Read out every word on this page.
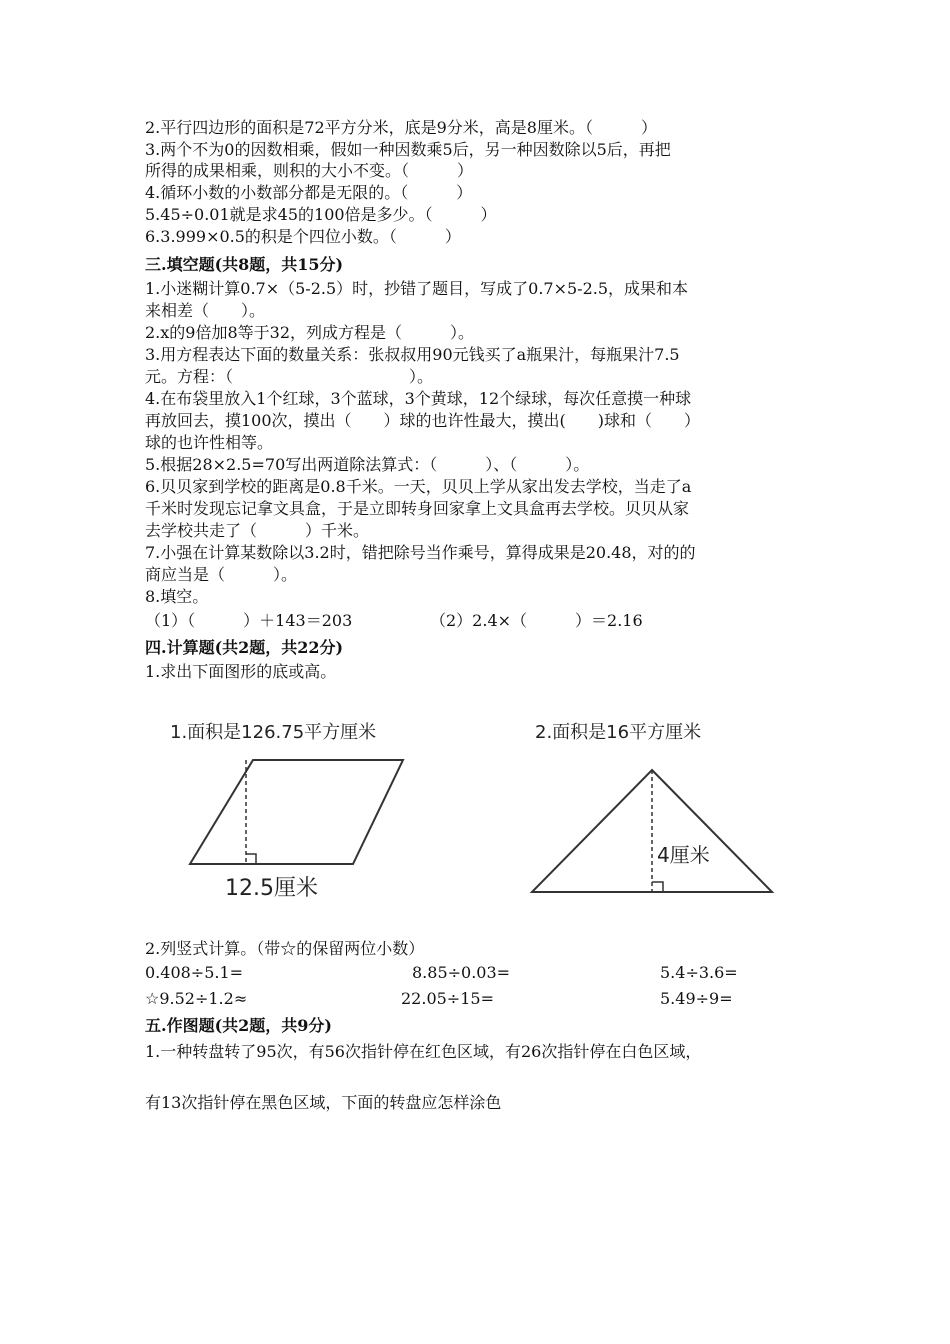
2.平行四边形的面积是72平方分米，底是9分米，高是8厘米。（　　　）
3.两个不为0的因数相乘，假如一种因数乘5后，另一种因数除以5后，再把
所得的成果相乘，则积的大小不变。（　　　）
4.循环小数的小数部分都是无限的。（　　　）
5.45÷0.01就是求45的100倍是多少。（　　　）
6.3.999×0.5的积是个四位小数。（　　　）
三.填空题(共8题，共15分)
1.小迷糊计算0.7×（5-2.5）时，抄错了题目，写成了0.7×5-2.5，成果和本
来相差（　　）。
2.x的9倍加8等于32，列成方程是（　　　）。
3.用方程表达下面的数量关系：张叔叔用90元钱买了a瓶果汁，每瓶果汁7.5
元。方程：（　　　　　　　　　　　）。
4.在布袋里放入1个红球，3个蓝球，3个黄球，12个绿球，每次任意摸一种球
再放回去，摸100次，摸出（　　）球的也许性最大，摸出(　　)球和（　　）
球的也许性相等。
5.根据28×2.5=70写出两道除法算式：（　　　）、（　　　）。
6.贝贝家到学校的距离是0.8千米。一天，贝贝上学从家出发去学校，当走了a
千米时发现忘记拿文具盒，于是立即转身回家拿上文具盒再去学校。贝贝从家
去学校共走了（　　　）千米。
7.小强在计算某数除以3.2时，错把除号当作乘号，算得成果是20.48，对的的
商应当是（　　　）。
8.填空。
（1）（　　　）＋143＝203	（2）2.4×（　　　）＝2.16
四.计算题(共2题，共22分)
1.求出下面图形的底或高。
1.面积是126.75平方厘米
12.5厘米
2.面积是16平方厘米
4厘米
2.列竖式计算。（带☆的保留两位小数）
0.408÷5.1=	8.85÷0.03=	5.4÷3.6=
☆9.52÷1.2≈	22.05÷15=	5.49÷9=
五.作图题(共2题，共9分)
1.一种转盘转了95次，有56次指针停在红色区域，有26次指针停在白色区域，
有13次指针停在黑色区域，下面的转盘应怎样涂色
